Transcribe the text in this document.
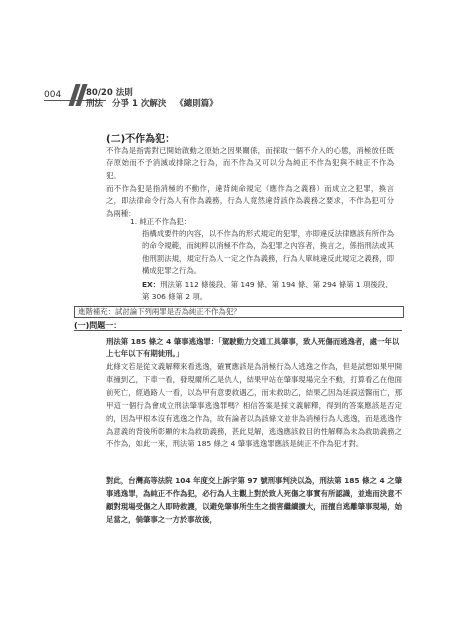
004	80/20 法則
刑法 分爭 1 次解決 《總則篇》
(二)不作為犯：
不作為是指需對已開始啟動之原始之因果關係，而採取一個不介入的心態，消極放任既存原始而不予消滅或排除之行為，而不作為又可以分為純正不作為犯與不純正不作為犯。
而不作為犯是指消極的不動作，違背純命規定（應作為之義務）而成立之犯罪，換言之，即法律命令行為人有作為義務，行為人竟然違背該作為義務之要求，不作為犯可分為兩種：
1. 純正不作為犯：
指構成要件的內容，以不作為的形式規定的犯罪，亦即違反法律應該有所作為的命令規範，而純粹以消極不作為，為犯罪之內容者，換言之，係指刑法或其他刑罰法規，規定行為人一定之作為義務，行為人單純違反此規定之義務，即構成犯罪之行為。
EX：刑法第 112 條後段、第 149 條、第 194 條、第 294 條第 1 項後段、第 306 條第 2 項。
進階補充：試討論下列兩罪是否為純正不作為犯？
(一)問題一：
刑法第 185 條之 4 肇事逃逸罪：「駕駛動力交通工具肇事，致人死傷而逃逸者，處一年以上七年以下有期徒刑。」
此條文若是從文義解釋來看逃逸，確實應該是為消極行為人逃逸之作為，但是試想如果甲開車撞到乙，下車一看，發現爾所乙是仇人，結果甲站在肇事現場完全不動，打算看乙在他面前死亡，經過路人一看，以為甲有意要救遇乙，而未救助乙，結果乙因為延誤送醫而亡，那甲這一個行為會成立刑法肇事逃逸罪嗎？相信答案是採文義解釋，得到的答案應該是否定的，因為甲根本沒有逃逸之作為，故有論者以為該條文並非為消極行為人逃逸，而是逃逸作為意義的背後所彰顯的未為救助義務，甚此見解，逃逸應該救目的性解釋為未為救助義務之不作為，如此一來，刑法第 185 條之 4 肇事逃逸罪應該是純正不作為犯才對。
對此，台灣高等法院 104 年度交上訴字第 97 號刑事判決以為，刑法第 185 條之 4 之肇事逃逸罪，為純正不作為犯，必行為人主觀上對於致人死傷之事實有所認識，並進而決意不顧對現場受傷之人即時救護，以避免肇事所生生之損害繼續擴大，而擅自逃離肇事現場，始足當之，倘肇事之一方於事故後，
